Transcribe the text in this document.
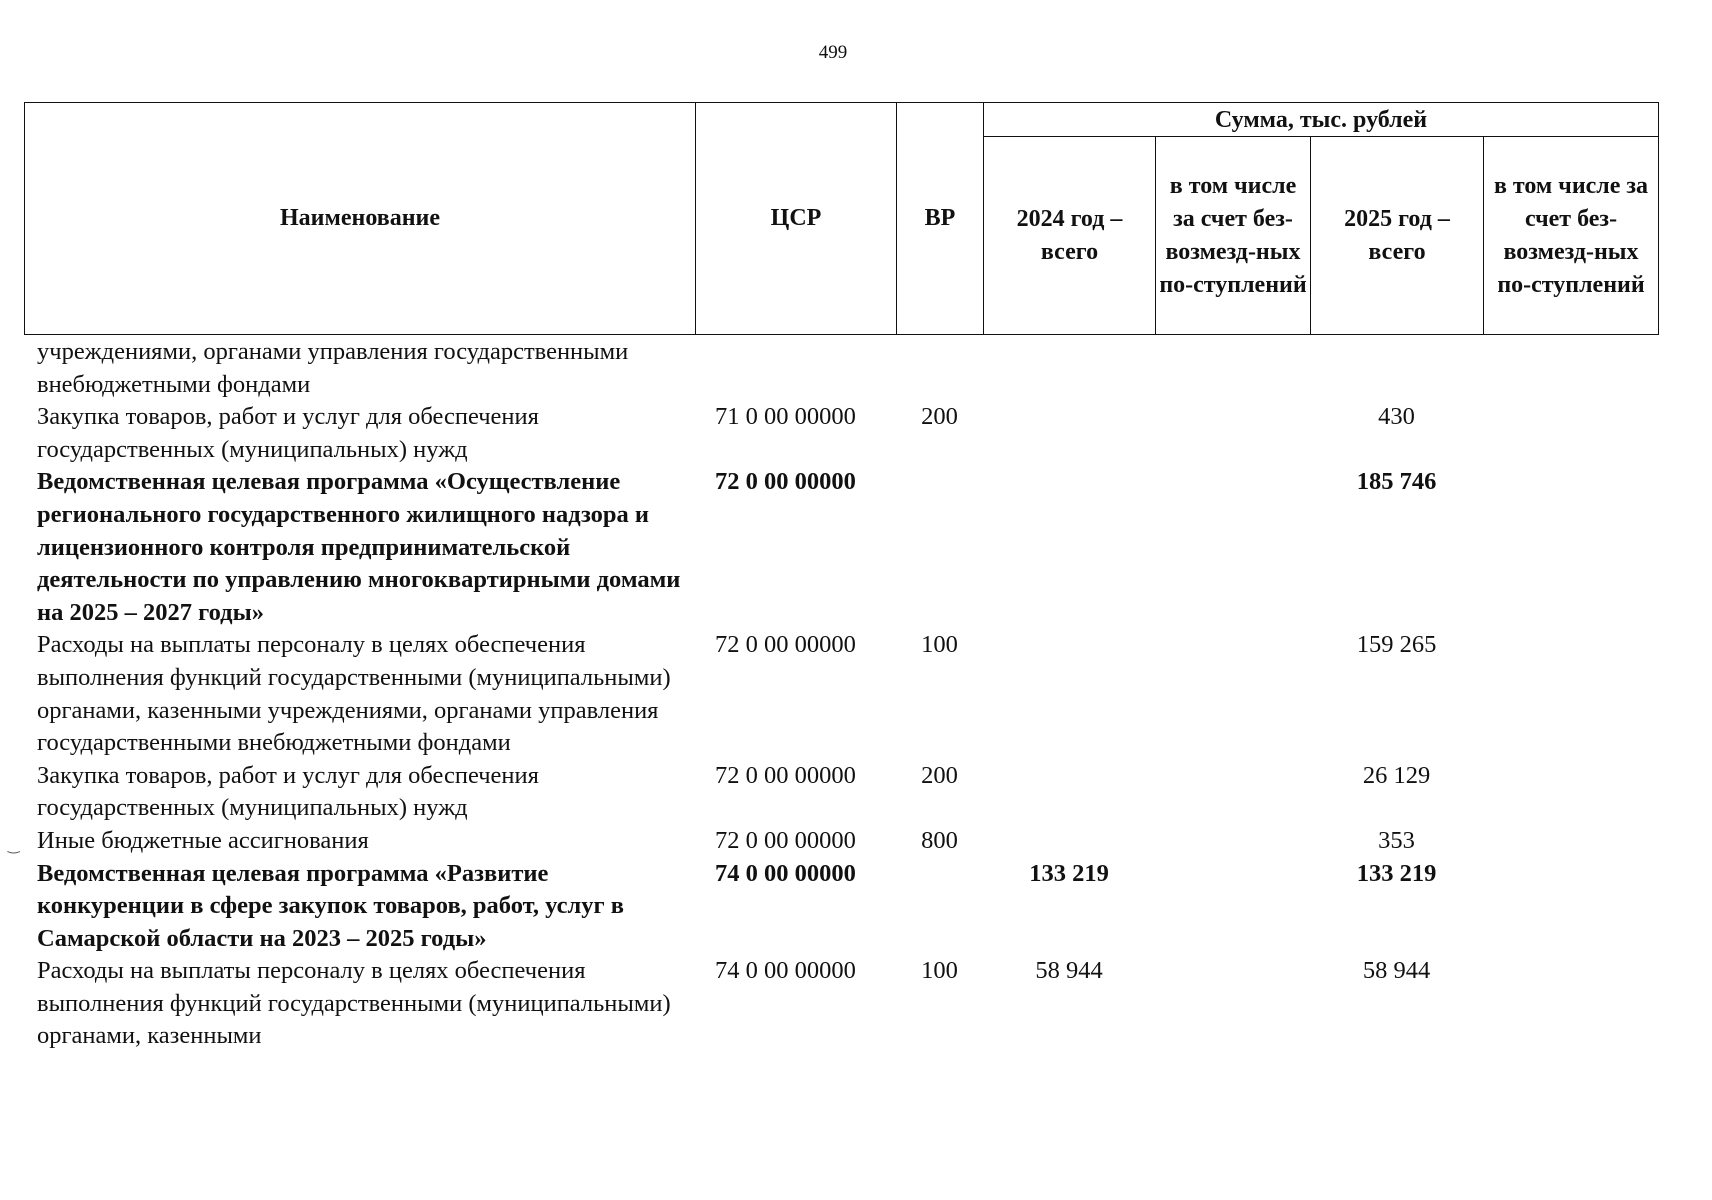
499
Наименование	ЦСР	ВР	Сумма, тыс. рублей			
			2024 год – всего	в том числе за счет без-возмезд-ных по-ступлений	2025 год – всего	в том числе за счет без-возмезд-ных по-ступлений
учреждениями, органами управления государственными внебюджетными фондами						
Закупка товаров, работ и услуг для обеспечения государственных (муниципальных) нужд	71 0 00 00000	200			430	
Ведомственная целевая программа «Осуществление регионального государственного жилищного надзора и лицензионного контроля предпринимательской деятельности по управлению многоквартирными домами на 2025 – 2027 годы»	72 0 00 00000				185 746	
Расходы на выплаты персоналу в целях обеспечения выполнения функций государственными (муниципальными) органами, казенными учреждениями, органами управления государственными внебюджетными фондами	72 0 00 00000	100			159 265	
Закупка товаров, работ и услуг для обеспечения государственных (муниципальных) нужд	72 0 00 00000	200			26 129	
Иные бюджетные ассигнования	72 0 00 00000	800			353	
Ведомственная целевая программа «Развитие конкуренции в сфере закупок товаров, работ, услуг в Самарской области на 2023 – 2025 годы»	74 0 00 00000		133 219		133 219	
Расходы на выплаты персоналу в целях обеспечения выполнения функций государственными (муниципальными) органами, казенными	74 0 00 00000	100	58 944		58 944	
‿
